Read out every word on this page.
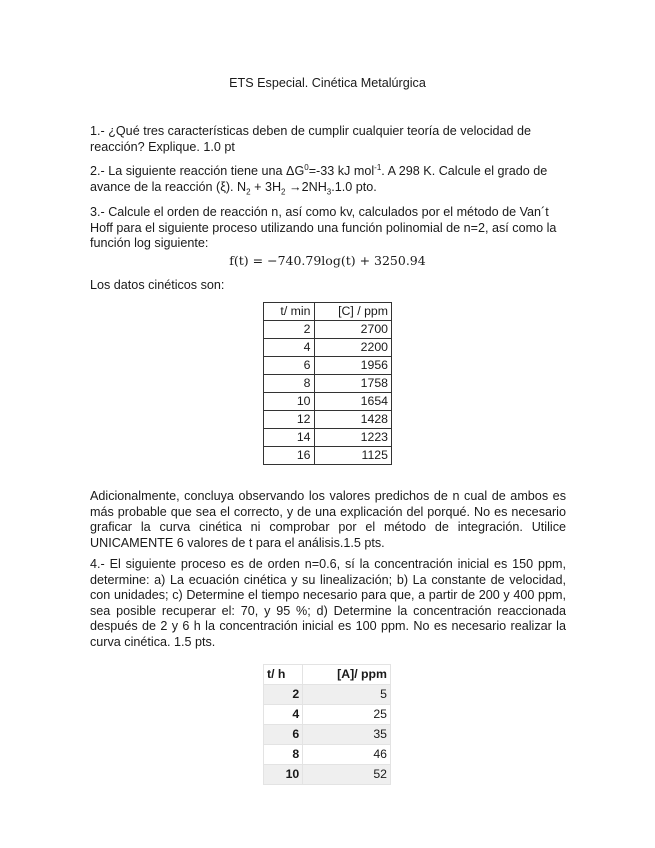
ETS Especial. Cinética Metalúrgica
1.- ¿Qué tres características deben de cumplir cualquier teoría de velocidad de reacción? Explique. 1.0 pt
2.- La siguiente reacción tiene una $\Delta G^0=-33$ kJ mol$^{-1}$. A 298 K. Calcule el grado de avance de la reacción (ξ). $N_2 + 3H_2 \to 2NH_3.1.0$ pto.
3.- Calcule el orden de reacción n, así como kv, calculados por el método de Van´t Hoff para el siguiente proceso utilizando una función polinomial de n=2, así como la función log siguiente:
f(t) = −740.79log(t) + 3250.94
Los datos cinéticos son:
t/ min	[C] / ppm
2	2700
4	2200
6	1956
8	1758
10	1654
12	1428
14	1223
16	1125
Adicionalmente, concluya observando los valores predichos de n cual de ambos es más probable que sea el correcto, y de una explicación del porqué. No es necesario graficar la curva cinética ni comprobar por el método de integración. Utilice UNICAMENTE 6 valores de t para el análisis.1.5 pts.
4.- El siguiente proceso es de orden n=0.6, sí la concentración inicial es 150 ppm, determine: a) La ecuación cinética y su linealización; b) La constante de velocidad, con unidades; c) Determine el tiempo necesario para que, a partir de 200 y 400 ppm, sea posible recuperar el: 70, y 95 %; d) Determine la concentración reaccionada después de 2 y 6 h la concentración inicial es 100 ppm. No es necesario realizar la curva cinética. 1.5 pts.
t/ h	[A]/ ppm
2	5
4	25
6	35
8	46
10	52
